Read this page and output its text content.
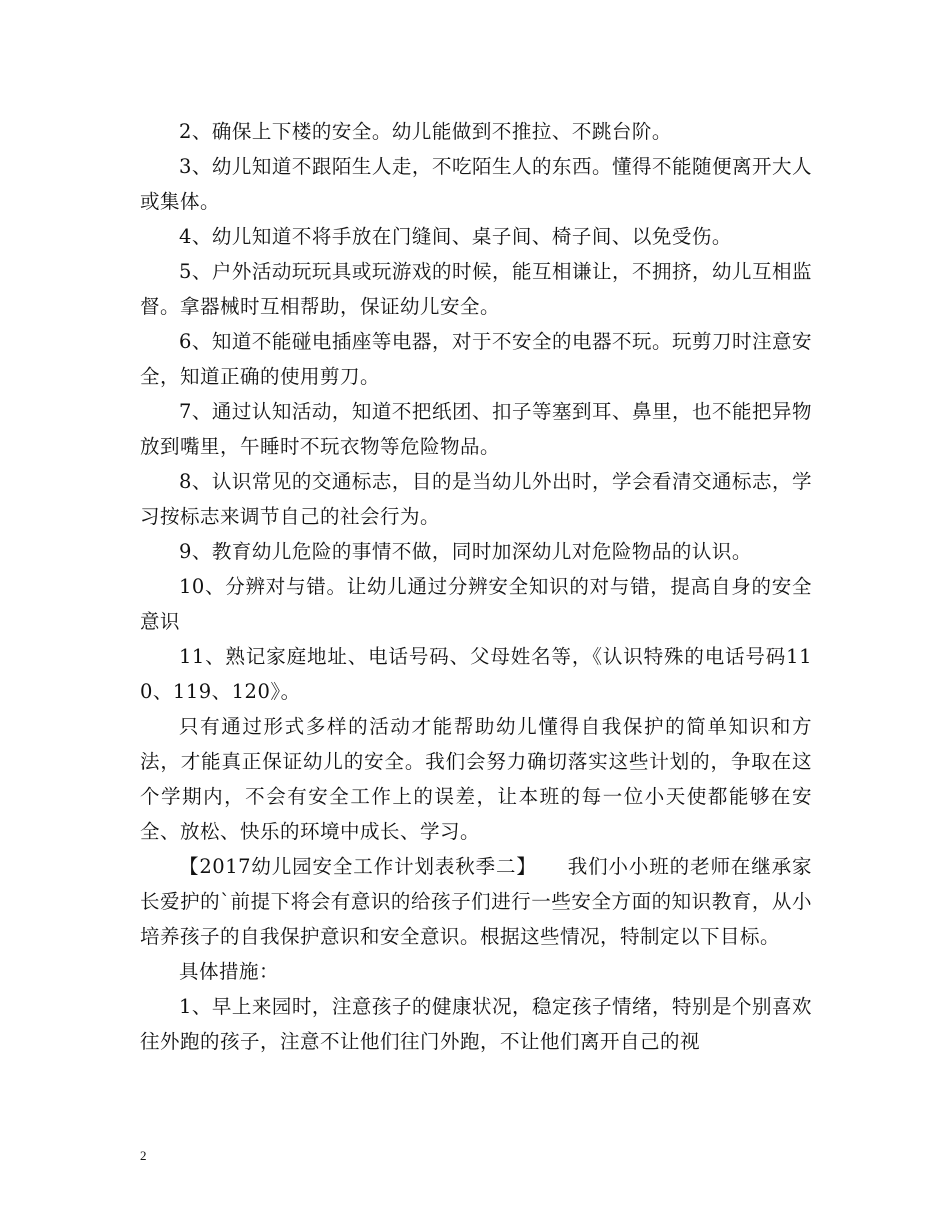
2、确保上下楼的安全。幼儿能做到不推拉、不跳台阶。

3、幼儿知道不跟陌生人走，不吃陌生人的东西。懂得不能随便离开大人或集体。

4、幼儿知道不将手放在门缝间、桌子间、椅子间、以免受伤。

5、户外活动玩玩具或玩游戏的时候，能互相谦让，不拥挤，幼儿互相监督。拿器械时互相帮助，保证幼儿安全。

6、知道不能碰电插座等电器，对于不安全的电器不玩。玩剪刀时注意安全，知道正确的使用剪刀。

7、通过认知活动，知道不把纸团、扣子等塞到耳、鼻里，也不能把异物放到嘴里，午睡时不玩衣物等危险物品。

8、认识常见的交通标志，目的是当幼儿外出时，学会看清交通标志，学习按标志来调节自己的社会行为。

9、教育幼儿危险的事情不做，同时加深幼儿对危险物品的认识。

10、分辨对与错。让幼儿通过分辨安全知识的对与错，提高自身的安全意识

11、熟记家庭地址、电话号码、父母姓名等，《认识特殊的电话号码110、119、120》。

只有通过形式多样的活动才能帮助幼儿懂得自我保护的简单知识和方法，才能真正保证幼儿的安全。我们会努力确切落实这些计划的，争取在这个学期内，不会有安全工作上的误差，让本班的每一位小天使都能够在安全、放松、快乐的环境中成长、学习。

【2017幼儿园安全工作计划表秋季二】　　我们小小班的老师在继承家长爱护的`前提下将会有意识的给孩子们进行一些安全方面的知识教育，从小培养孩子的自我保护意识和安全意识。根据这些情况，特制定以下目标。

具体措施：

1、早上来园时，注意孩子的健康状况，稳定孩子情绪，特别是个别喜欢往外跑的孩子，注意不让他们往门外跑，不让他们离开自己的视

2
